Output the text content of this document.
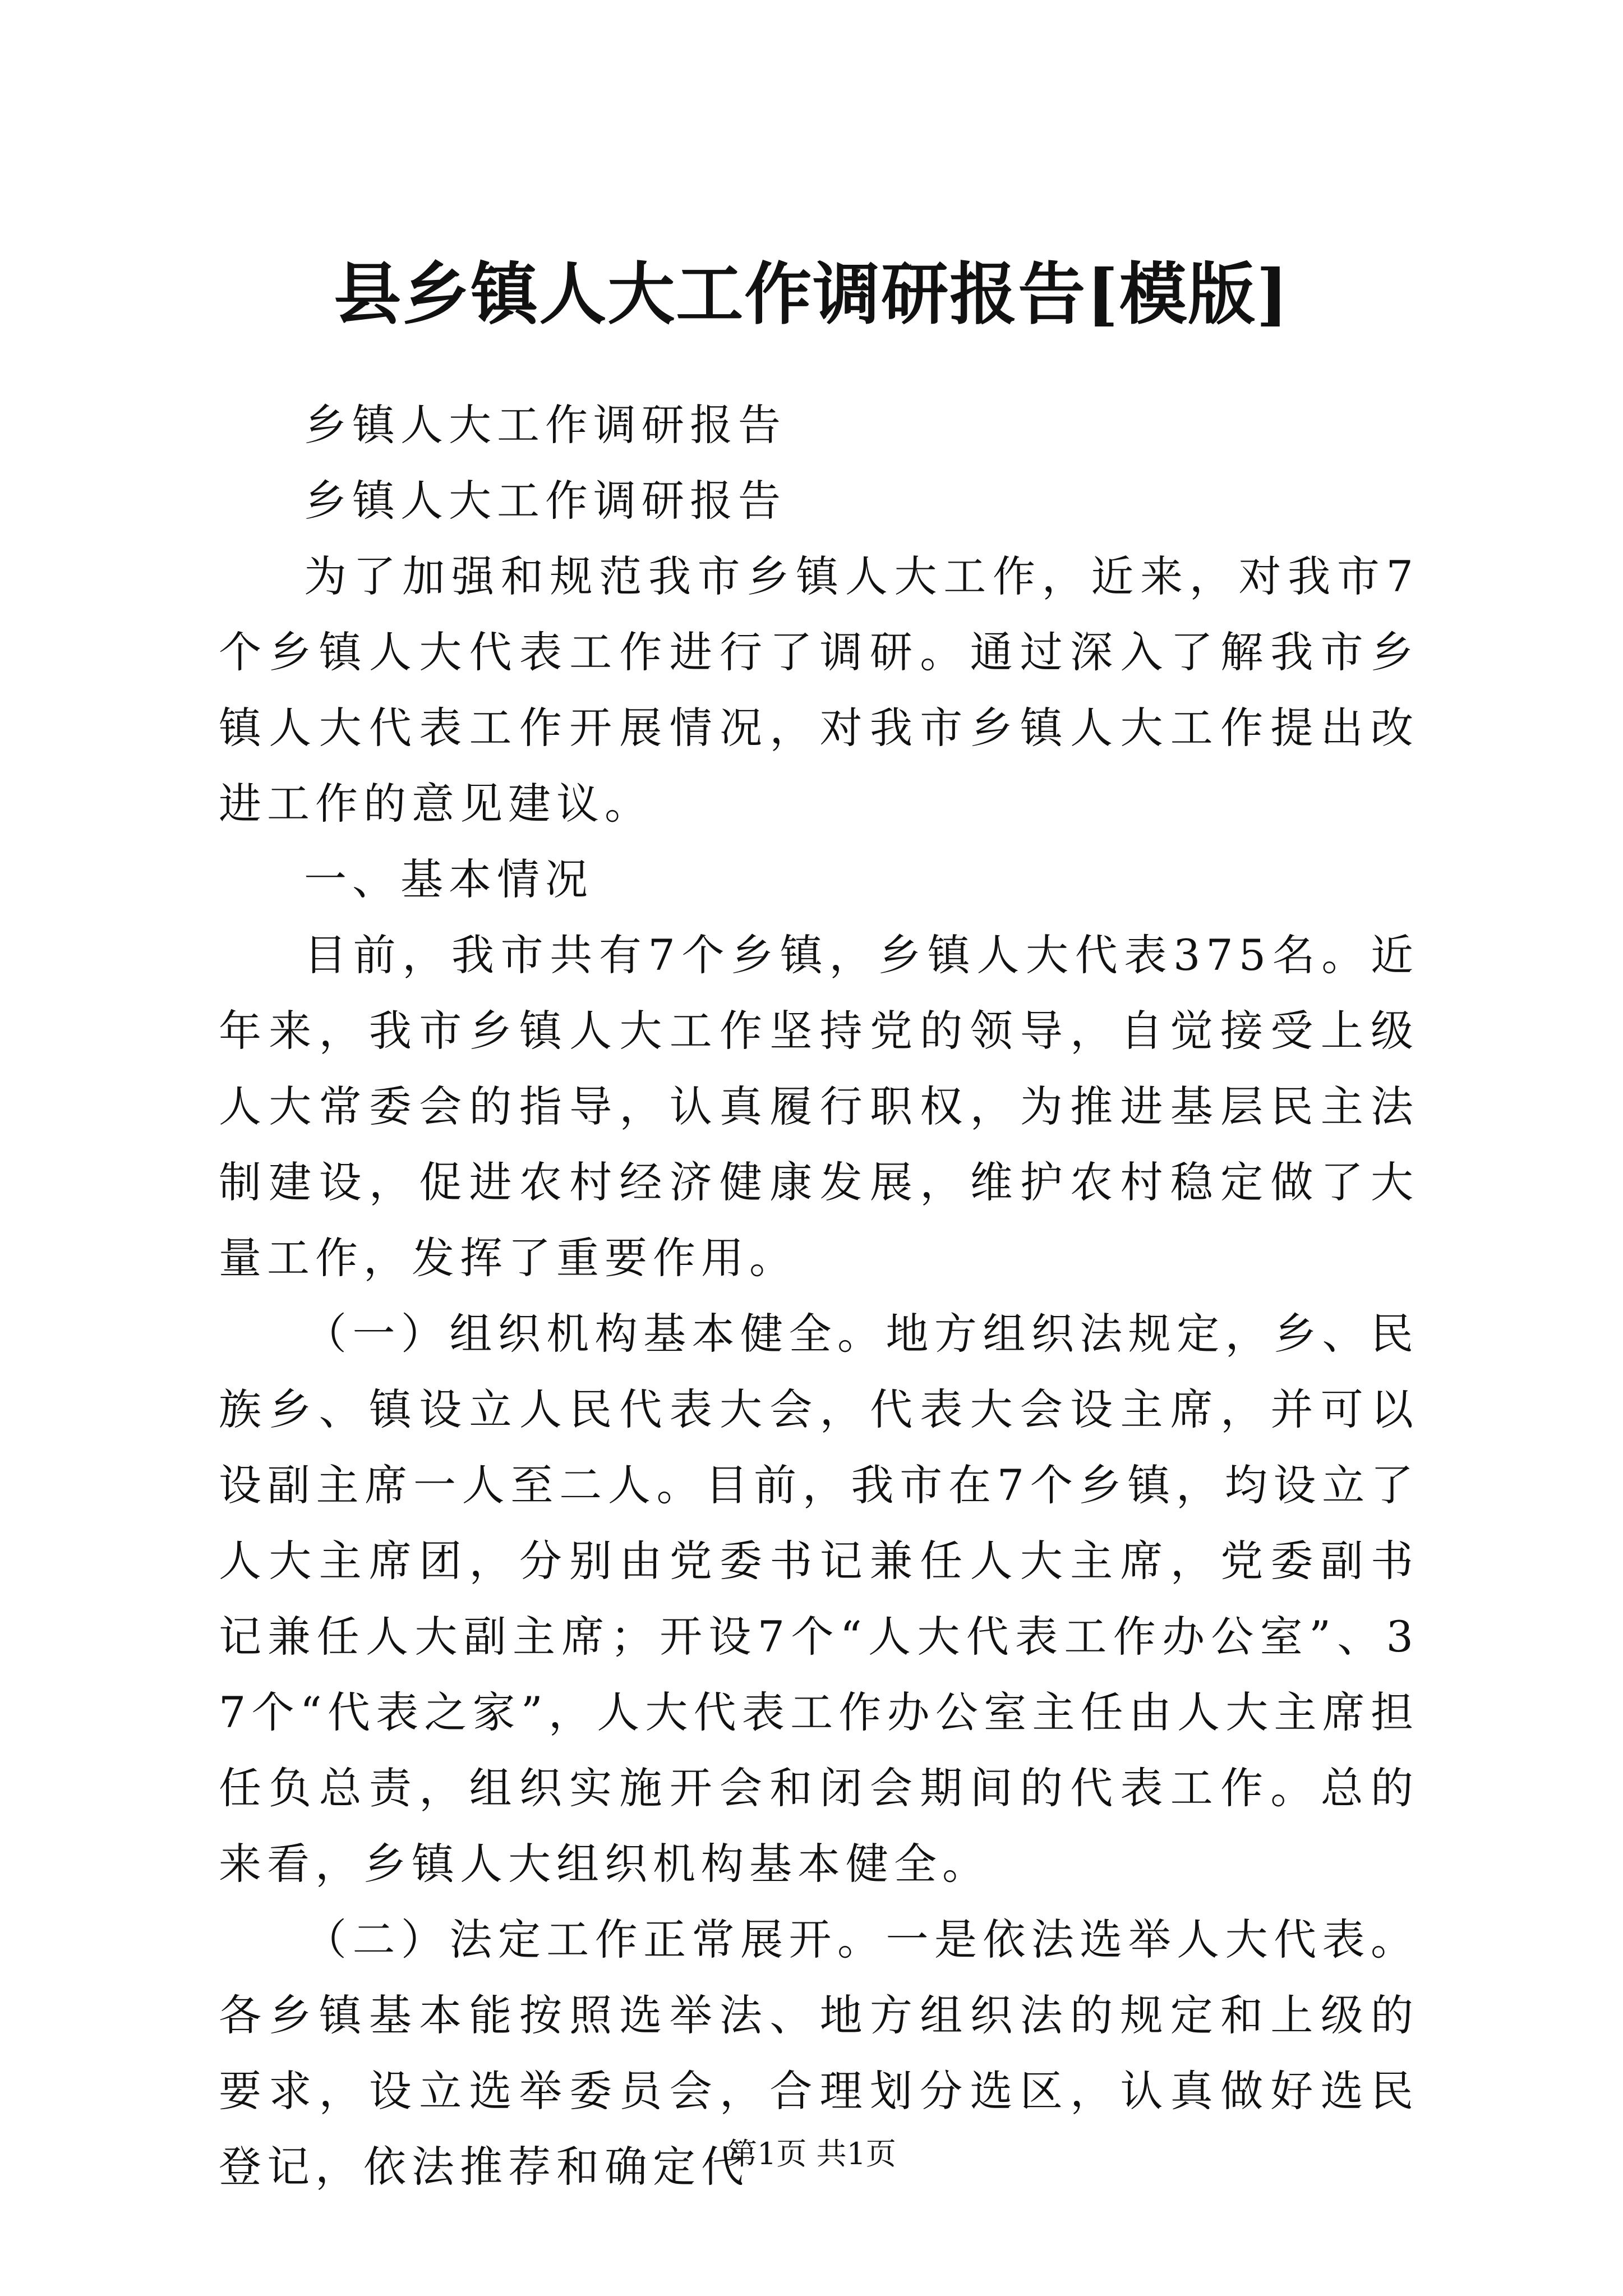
县乡镇人大工作调研报告[模版]

乡镇人大工作调研报告

乡镇人大工作调研报告

为了加强和规范我市乡镇人大工作，近来，对我市7个乡镇人大代表工作进行了调研。通过深入了解我市乡镇人大代表工作开展情况，对我市乡镇人大工作提出改进工作的意见建议。

一、基本情况

目前，我市共有7个乡镇，乡镇人大代表375名。近年来，我市乡镇人大工作坚持党的领导，自觉接受上级人大常委会的指导，认真履行职权，为推进基层民主法制建设，促进农村经济健康发展，维护农村稳定做了大量工作，发挥了重要作用。

（一）组织机构基本健全。地方组织法规定，乡、民族乡、镇设立人民代表大会，代表大会设主席，并可以设副主席一人至二人。目前，我市在7个乡镇，均设立了人大主席团，分别由党委书记兼任人大主席，党委副书记兼任人大副主席；开设7个“人大代表工作办公室”、37个“代表之家”，人大代表工作办公室主任由人大主席担任负总责，组织实施开会和闭会期间的代表工作。总的来看，乡镇人大组织机构基本健全。

（二）法定工作正常展开。一是依法选举人大代表。各乡镇基本能按照选举法、地方组织法的规定和上级的要求，设立选举委员会，合理划分选区，认真做好选民登记，依法推荐和确定代

第1页 共1页
